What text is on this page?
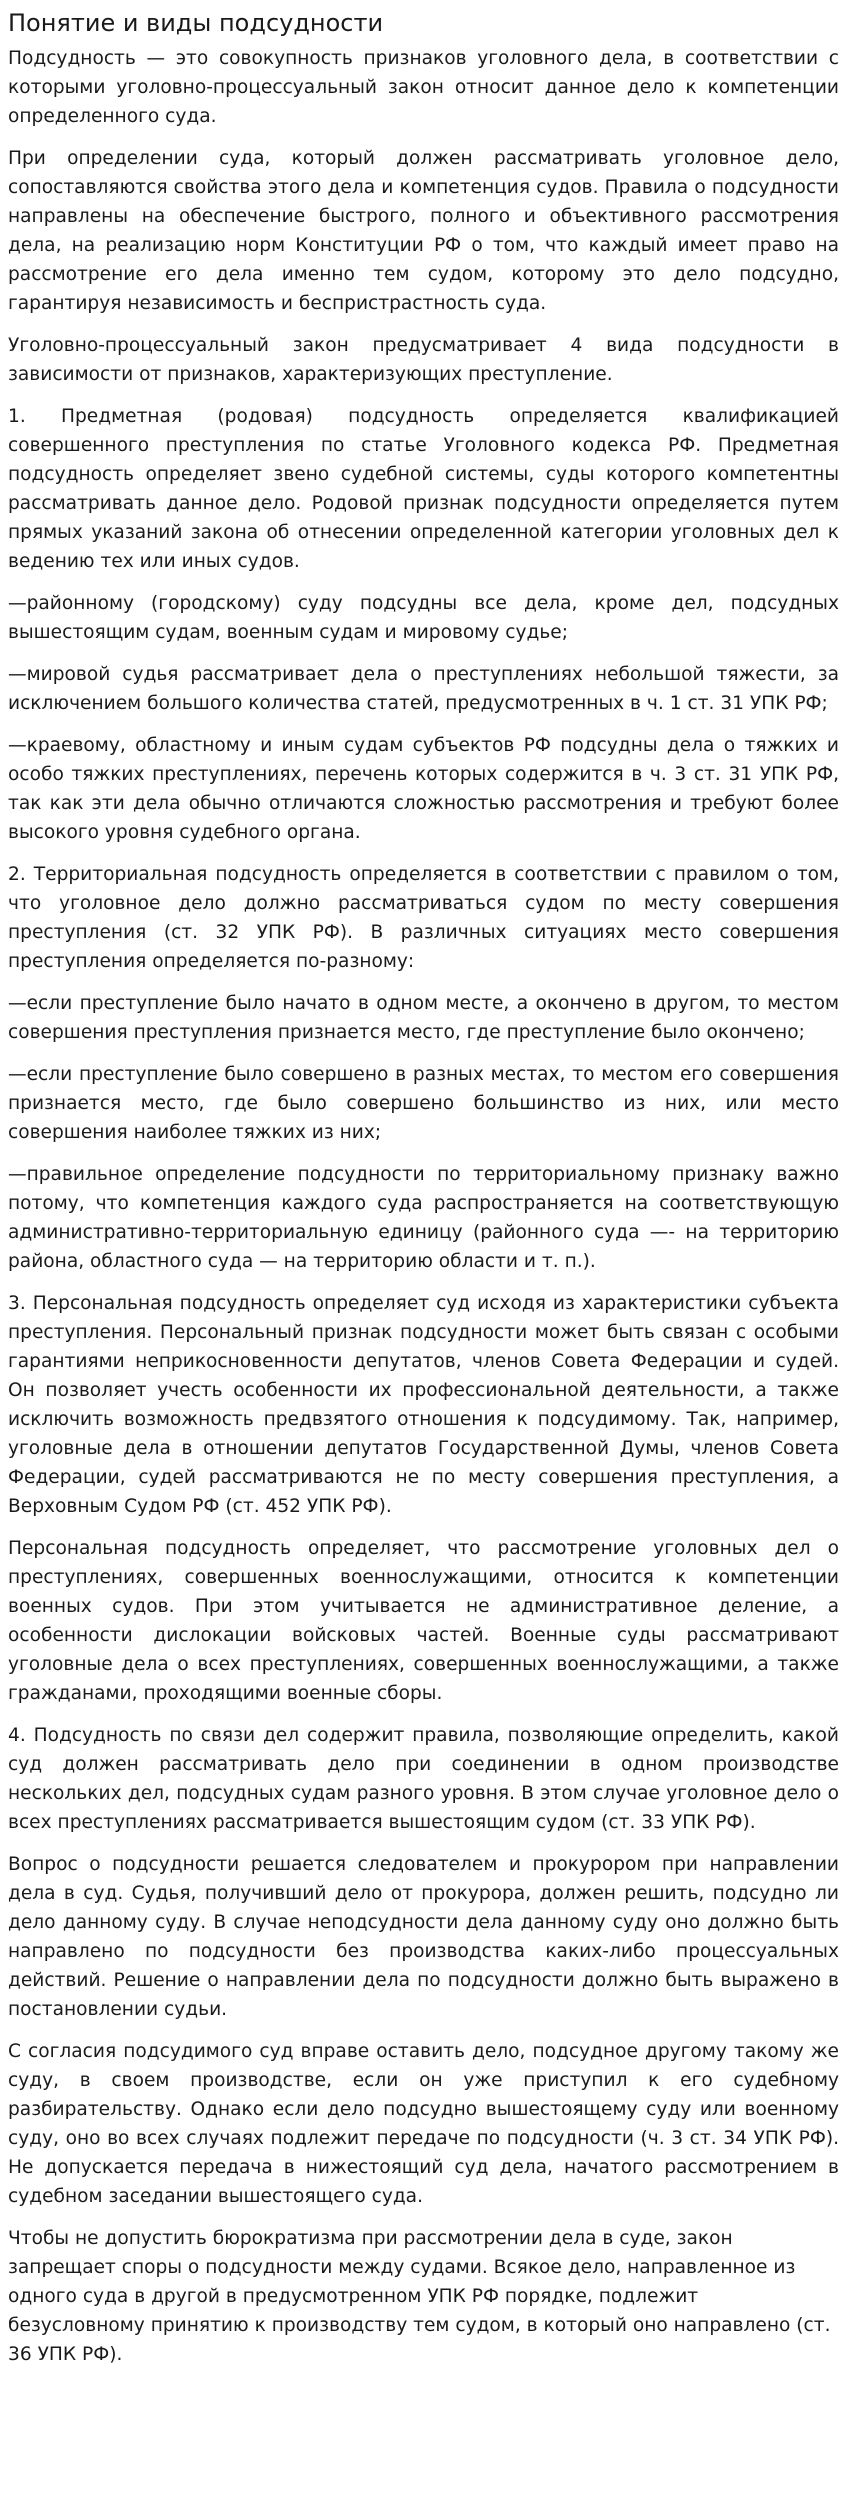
Понятие и виды подсудности

Подсудность — это совокупность признаков уголовного дела, в соответствии с которыми уголовно-процессуальный закон относит данное дело к компетенции определенного суда.

При определении суда, который должен рассматривать уголовное дело, сопоставляются свойства этого дела и компетенция судов. Правила о подсудности направлены на обеспечение быстрого, полного и объективного рассмотрения дела, на реализацию норм Конституции РФ о том, что каждый имеет право на рассмотрение его дела именно тем судом, которому это дело подсудно, гарантируя независимость и беспристрастность суда.

Уголовно-процессуальный закон предусматривает 4 вида подсудности в зависимости от признаков, характеризующих преступление.

1. Предметная (родовая) подсудность определяется квалификацией совершенного преступления по статье Уголовного кодекса РФ. Предметная подсудность определяет звено судебной системы, суды которого компетентны рассматривать данное дело. Родовой признак подсудности определяется путем прямых указаний закона об отнесении определенной категории уголовных дел к ведению тех или иных судов.

—районному (городскому) суду подсудны все дела, кроме дел, подсудных вышестоящим судам, военным судам и мировому судье;

—мировой судья рассматривает дела о преступлениях небольшой тяжести, за исключением большого количества статей, предусмотренных в ч. 1 ст. 31 УПК РФ;

—краевому, областному и иным судам субъектов РФ подсудны дела о тяжких и особо тяжких преступлениях, перечень которых содержится в ч. 3 ст. 31 УПК РФ, так как эти дела обычно отличаются сложностью рассмотрения и требуют более высокого уровня судебного органа.

2. Территориальная подсудность определяется в соответствии с правилом о том, что уголовное дело должно рассматриваться судом по месту совершения преступления (ст. 32 УПК РФ). В различных ситуациях место совершения преступления определяется по-разному:

—если преступление было начато в одном месте, а окончено в другом, то местом совершения преступления признается место, где преступление было окончено;

—если преступление было совершено в разных местах, то местом его совершения признается место, где было совершено большинство из них, или место совершения наиболее тяжких из них;

—правильное определение подсудности по территориальному признаку важно потому, что компетенция каждого суда распространяется на соответствующую административно-территориальную единицу (районного суда —- на территорию района, областного суда — на территорию области и т. п.).

3. Персональная подсудность определяет суд исходя из характеристики субъекта преступления. Персональный признак подсудности может быть связан с особыми гарантиями неприкосновенности депутатов, членов Совета Федерации и судей. Он позволяет учесть особенности их профессиональной деятельности, а также исключить возможность предвзятого отношения к подсудимому. Так, например, уголовные дела в отношении депутатов Государственной Думы, членов Совета Федерации, судей рассматриваются не по месту совершения преступления, а Верховным Судом РФ (ст. 452 УПК РФ).

Персональная подсудность определяет, что рассмотрение уголовных дел о преступлениях, совершенных военнослужащими, относится к компетенции военных судов. При этом учитывается не административное деление, а особенности дислокации войсковых частей. Военные суды рассматривают уголовные дела о всех преступлениях, совершенных военнослужащими, а также гражданами, проходящими военные сборы.

4. Подсудность по связи дел содержит правила, позволяющие определить, какой суд должен рассматривать дело при соединении в одном производстве нескольких дел, подсудных судам разного уровня. В этом случае уголовное дело о всех преступлениях рассматривается вышестоящим судом (ст. 33 УПК РФ).

Вопрос о подсудности решается следователем и прокурором при направлении дела в суд. Судья, получивший дело от прокурора, должен решить, подсудно ли дело данному суду. В случае неподсудности дела данному суду оно должно быть направлено по подсудности без производства каких-либо процессуальных действий. Решение о направлении дела по подсудности должно быть выражено в постановлении судьи.

С согласия подсудимого суд вправе оставить дело, подсудное другому такому же суду, в своем производстве, если он уже приступил к его судебному разбирательству. Однако если дело подсудно вышестоящему суду или военному суду, оно во всех случаях подлежит передаче по подсудности (ч. 3 ст. 34 УПК РФ). Не допускается передача в нижестоящий суд дела, начатого рассмотрением в судебном заседании вышестоящего суда.

Чтобы не допустить бюрократизма при рассмотрении дела в суде, закон запрещает споры о подсудности между судами. Всякое дело, направленное из одного суда в другой в предусмотренном УПК РФ порядке, подлежит безусловному принятию к производству тем судом, в который оно направлено (ст. 36 УПК РФ).
